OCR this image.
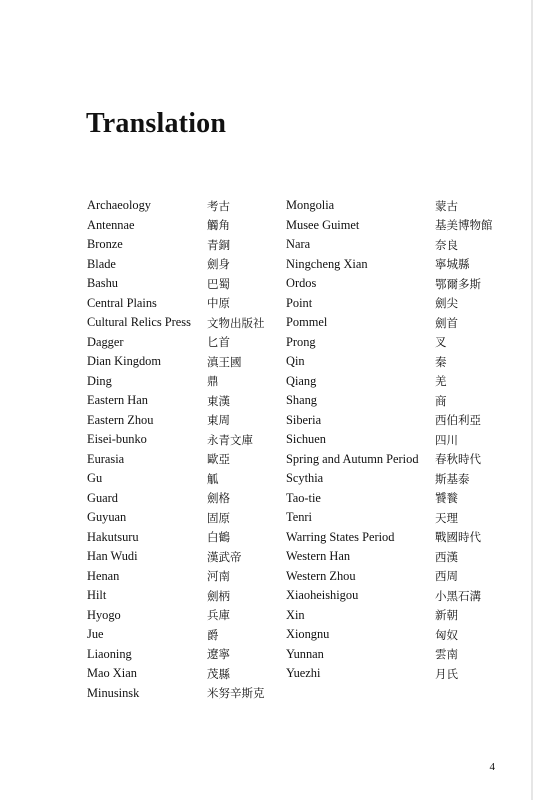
Translation
Archaeology	考古
Antennae	觸角
Bronze	青銅
Blade	劍身
Bashu	巴蜀
Central Plains	中原
Cultural Relics Press	文物出版社
Dagger	匕首
Dian Kingdom	滇王國
Ding	鼎
Eastern Han	東漢
Eastern Zhou	東周
Eisei-bunko	永青文庫
Eurasia	歐亞
Gu	觚
Guard	劍格
Guyuan	固原
Hakutsuru	白鶴
Han Wudi	漢武帝
Henan	河南
Hilt	劍柄
Hyogo	兵庫
Jue	爵
Liaoning	遼寧
Mao Xian	茂縣
Minusinsk	米努辛斯克
Mongolia	蒙古
Musee Guimet	基美博物館
Nara	奈良
Ningcheng Xian	寧城縣
Ordos	鄂爾多斯
Point	劍尖
Pommel	劍首
Prong	叉
Qin	秦
Qiang	羌
Shang	商
Siberia	西伯利亞
Sichuen	四川
Spring and Autumn Period	春秋時代
Scythia	斯基泰
Tao-tie	饕餮
Tenri	天理
Warring States Period	戰國時代
Western Han	西漢
Western Zhou	西周
Xiaoheishigou	小黑石溝
Xin	新朝
Xiongnu	匈奴
Yunnan	雲南
Yuezhi	月氏
4
